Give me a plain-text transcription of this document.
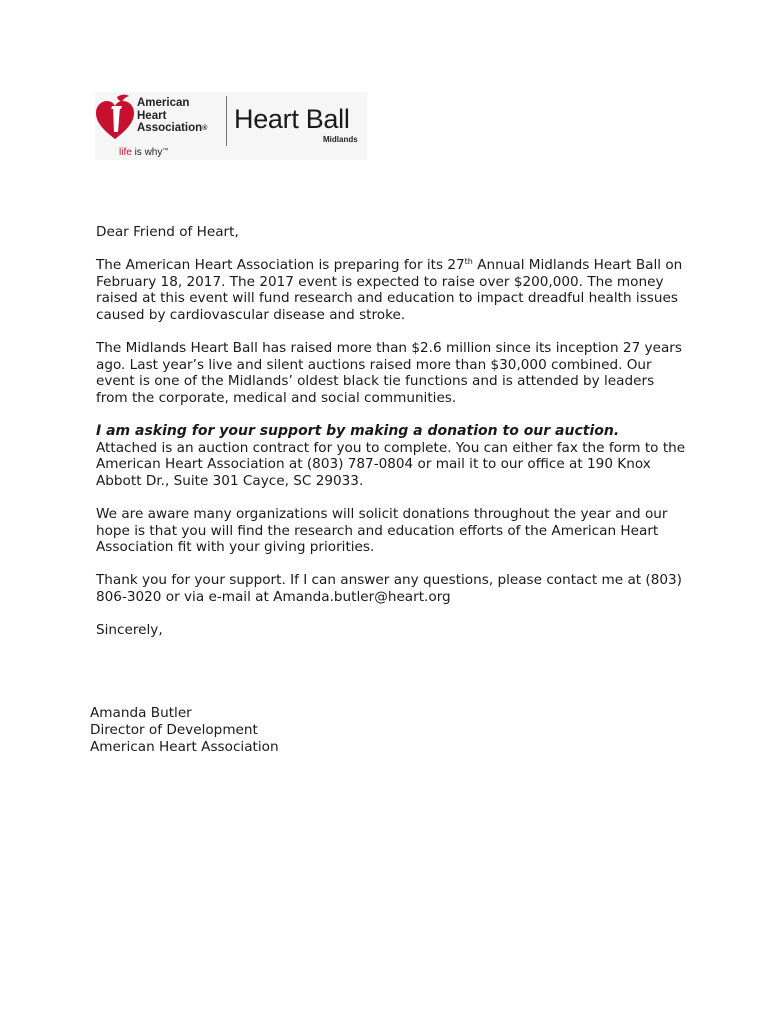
American
Heart
Association®
life is why™
Heart Ball
Midlands

Dear Friend of Heart,

The American Heart Association is preparing for its 27th Annual Midlands Heart Ball on
February 18, 2017. The 2017 event is expected to raise over $200,000. The money raised at this event will fund research and education to impact dreadful health issues caused by cardiovascular disease and stroke.

The Midlands Heart Ball has raised more than $2.6 million since its inception 27 years ago. Last year’s live and silent auctions raised more than $30,000 combined. Our event is one of the Midlands’ oldest black tie functions and is attended by leaders from the corporate, medical and social communities.

I am asking for your support by making a donation to our auction.
Attached is an auction contract for you to complete. You can either fax the form to the American Heart Association at (803) 787-0804 or mail it to our office at 190 Knox Abbott Dr., Suite 301 Cayce, SC 29033.

We are aware many organizations will solicit donations throughout the year and our hope is that you will find the research and education efforts of the American Heart Association fit with your giving priorities.

Thank you for your support. If I can answer any questions, please contact me at (803) 806-3020 or via e-mail at Amanda.butler@heart.org

Sincerely,

Amanda Butler
Director of Development
American Heart Association
